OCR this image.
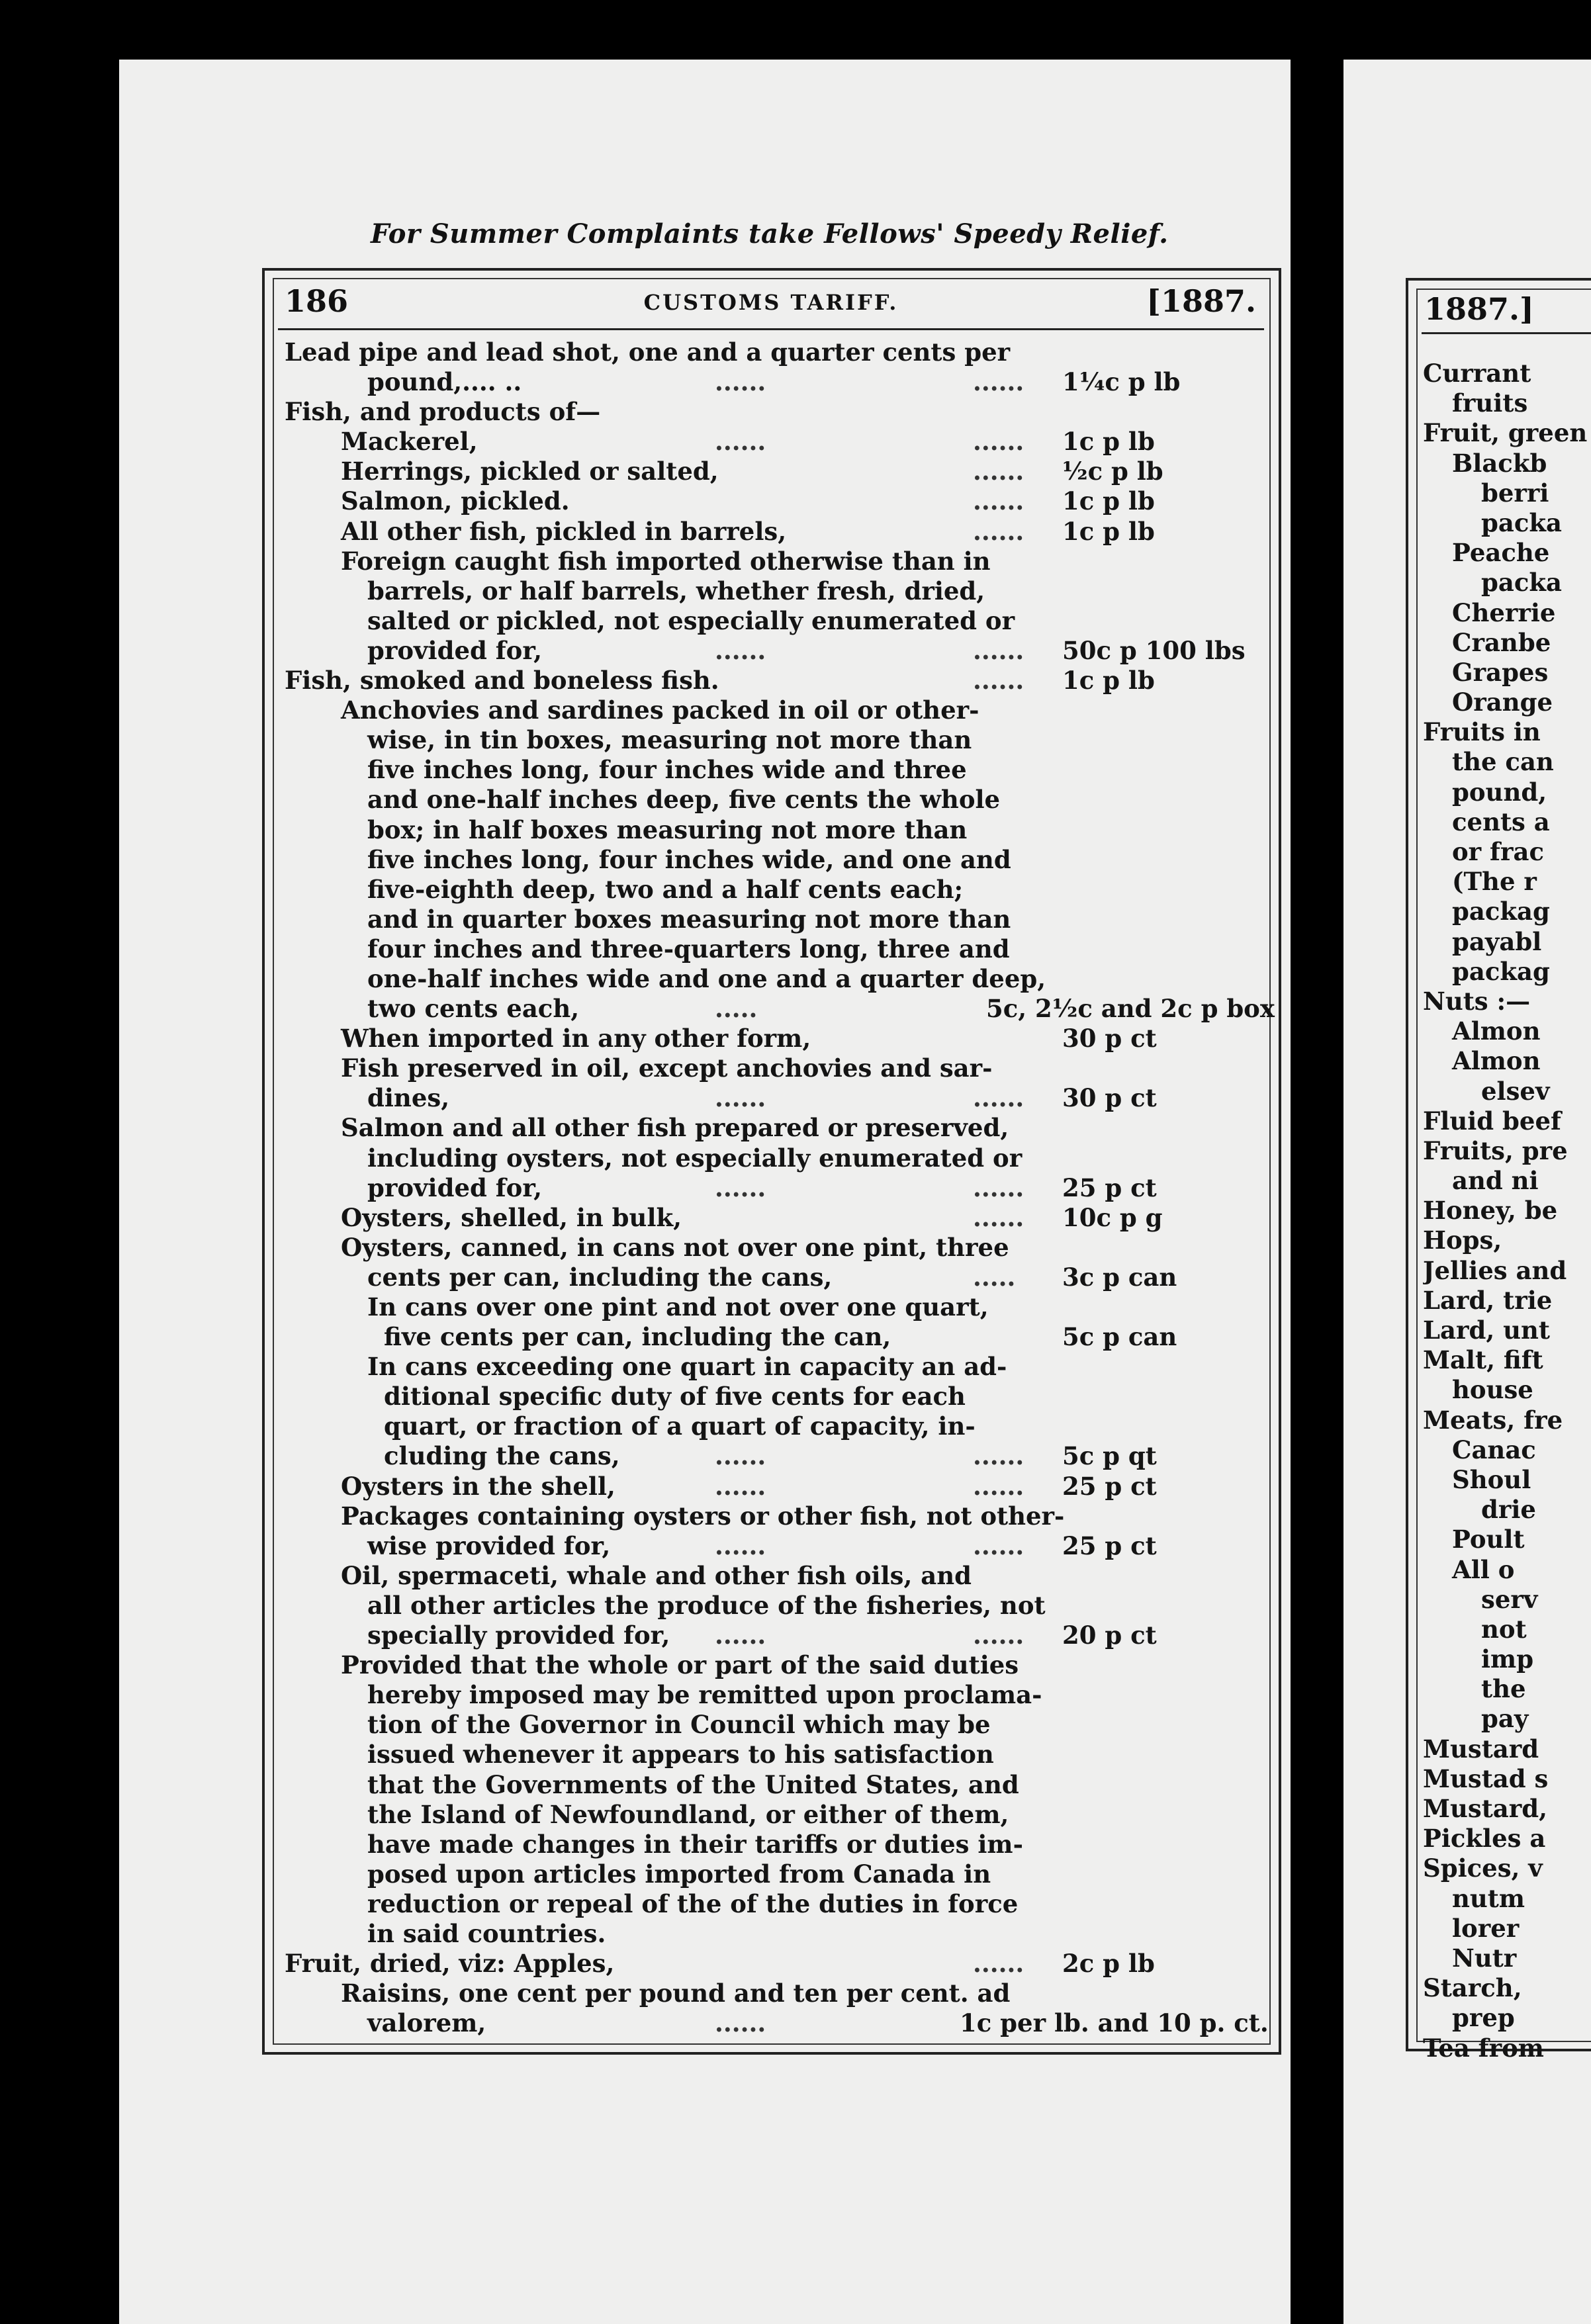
For Summer Complaints take Fellows' Speedy Relief.
186	CUSTOMS TARIFF.	[1887.
Lead pipe and lead shot, one and a quarter cents per
pound,.... ..	......	...... 1¼c p lb
Fish, and products of—
Mackerel,	......	...... 1c p lb
Herrings, pickled or salted,	...... ½c p lb
Salmon, pickled.	...... 1c p lb
All other fish, pickled in barrels,	...... 1c p lb
Foreign caught fish imported otherwise than in
barrels, or half barrels, whether fresh, dried,
salted or pickled, not especially enumerated or
provided for,	......	...... 50c p 100 lbs
Fish, smoked and boneless fish.	...... 1c p lb
Anchovies and sardines packed in oil or other-
wise, in tin boxes, measuring not more than
five inches long, four inches wide and three
and one-half inches deep, five cents the whole
box; in half boxes measuring not more than
five inches long, four inches wide, and one and
five-eighth deep, two and a half cents each;
and in quarter boxes measuring not more than
four inches and three-quarters long, three and
one-half inches wide and one and a quarter deep,
two cents each,	.....	5c, 2½c and 2c p box
When imported in any other form,	30 p ct
Fish preserved in oil, except anchovies and sar-
dines,	......	...... 30 p ct
Salmon and all other fish prepared or preserved,
including oysters, not especially enumerated or
provided for,	......	...... 25 p ct
Oysters, shelled, in bulk,	...... 10c p g
Oysters, canned, in cans not over one pint, three
cents per can, including the cans,	..... 3c p can
In cans over one pint and not over one quart,
five cents per can, including the can,	5c p can
In cans exceeding one quart in capacity an ad-
ditional specific duty of five cents for each
quart, or fraction of a quart of capacity, in-
cluding the cans,	......	...... 5c p qt
Oysters in the shell,	......	...... 25 p ct
Packages containing oysters or other fish, not other-
wise provided for,	......	...... 25 p ct
Oil, spermaceti, whale and other fish oils, and
all other articles the produce of the fisheries, not
specially provided for, ......	...... 20 p ct
Provided that the whole or part of the said duties
hereby imposed may be remitted upon proclama-
tion of the Governor in Council which may be
issued whenever it appears to his satisfaction
that the Governments of the United States, and
the Island of Newfoundland, or either of them,
have made changes in their tariffs or duties im-
posed upon articles imported from Canada in
reduction or repeal of the of the duties in force
in said countries.
Fruit, dried, viz: Apples,	...... 2c p lb
Raisins, one cent per pound and ten per cent. ad
valorem,	......	1c per lb. and 10 p. ct.
1887.]
Currant
fruits
Fruit, green
Blackb
berri
packa
Peache
packa
Cherrie
Cranbe
Grapes
Orange
Fruits in
the can
pound,
cents a
or frac
(The r
packag
payabl
packag
Nuts :—
Almon
Almon
elsev
Fluid beef
Fruits, pre
and ni
Honey, be
Hops,
Jellies and
Lard, trie
Lard, unt
Malt, fift
house
Meats, fre
Canac
Shoul
drie
Poult
All o
serv
not
imp
the
pay
Mustard
Mustad s
Mustard,
Pickles a
Spices, v
nutm
lorer
Nutr
Starch,
prep
Tea from
